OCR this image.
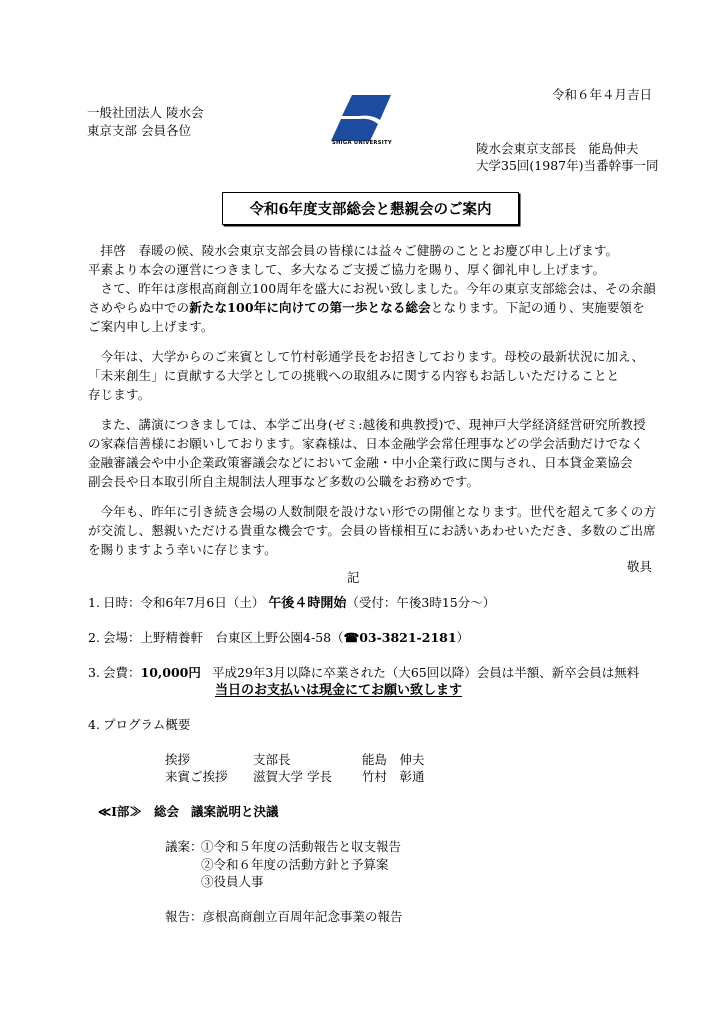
令和６年４月吉日
一般社団法人 陵水会
東京支部 会員各位
SHIGA UNIVERSITY	陵水会東京支部長　能島伸夫
大学35回(1987年)当番幹事一同
令和6年度支部総会と懇親会のご案内
拝啓　春暖の候、陵水会東京支部会員の皆様には益々ご健勝のこととお慶び申し上げます。
平素より本会の運営につきまして、多大なるご支援ご協力を賜り、厚く御礼申し上げます。
さて、昨年は彦根高商創立100周年を盛大にお祝い致しました。今年の東京支部総会は、その余韻
さめやらぬ中での新たな100年に向けての第一歩となる総会となります。下記の通り、実施要領を
ご案内申し上げます。
今年は、大学からのご来賓として竹村彰通学長をお招きしております。母校の最新状況に加え、
「未来創生」に貢献する大学としての挑戦への取組みに関する内容もお話しいただけることと
存じます。
また、講演につきましては、本学ご出身(ゼミ:越後和典教授)で、現神戸大学経済経営研究所教授
の家森信善様にお願いしております。家森様は、日本金融学会常任理事などの学会活動だけでなく
金融審議会や中小企業政策審議会などにおいて金融・中小企業行政に関与され、日本貸金業協会
副会長や日本取引所自主規制法人理事など多数の公職をお務めです。
今年も、昨年に引き続き会場の人数制限を設けない形での開催となります。世代を超えて多くの方
が交流し、懇親いただける貴重な機会です。会員の皆様相互にお誘いあわせいただき、多数のご出席
を賜りますよう幸いに存じます。
敬具
記
1. 日時：令和6年7月6日（土） 午後４時開始（受付：午後3時15分～）
2. 会場：上野精養軒　台東区上野公園4-58（☎ 03-3821-2181）
3. 会費：10,000円 平成29年3月以降に卒業された（大65回以降）会員は半額、新卒会員は無料
当日のお支払いは現金にてお願い致します
4. プログラム概要
挨拶	支部長	能島　伸夫
来賓ご挨拶 滋賀大学 学長 竹村　彰通
≪Ⅰ部≫ 総会 議案説明と決議
議案：
①令和５年度の活動報告と収支報告
②令和６年度の活動方針と予算案
③役員人事
報告：彦根高商創立百周年記念事業の報告
